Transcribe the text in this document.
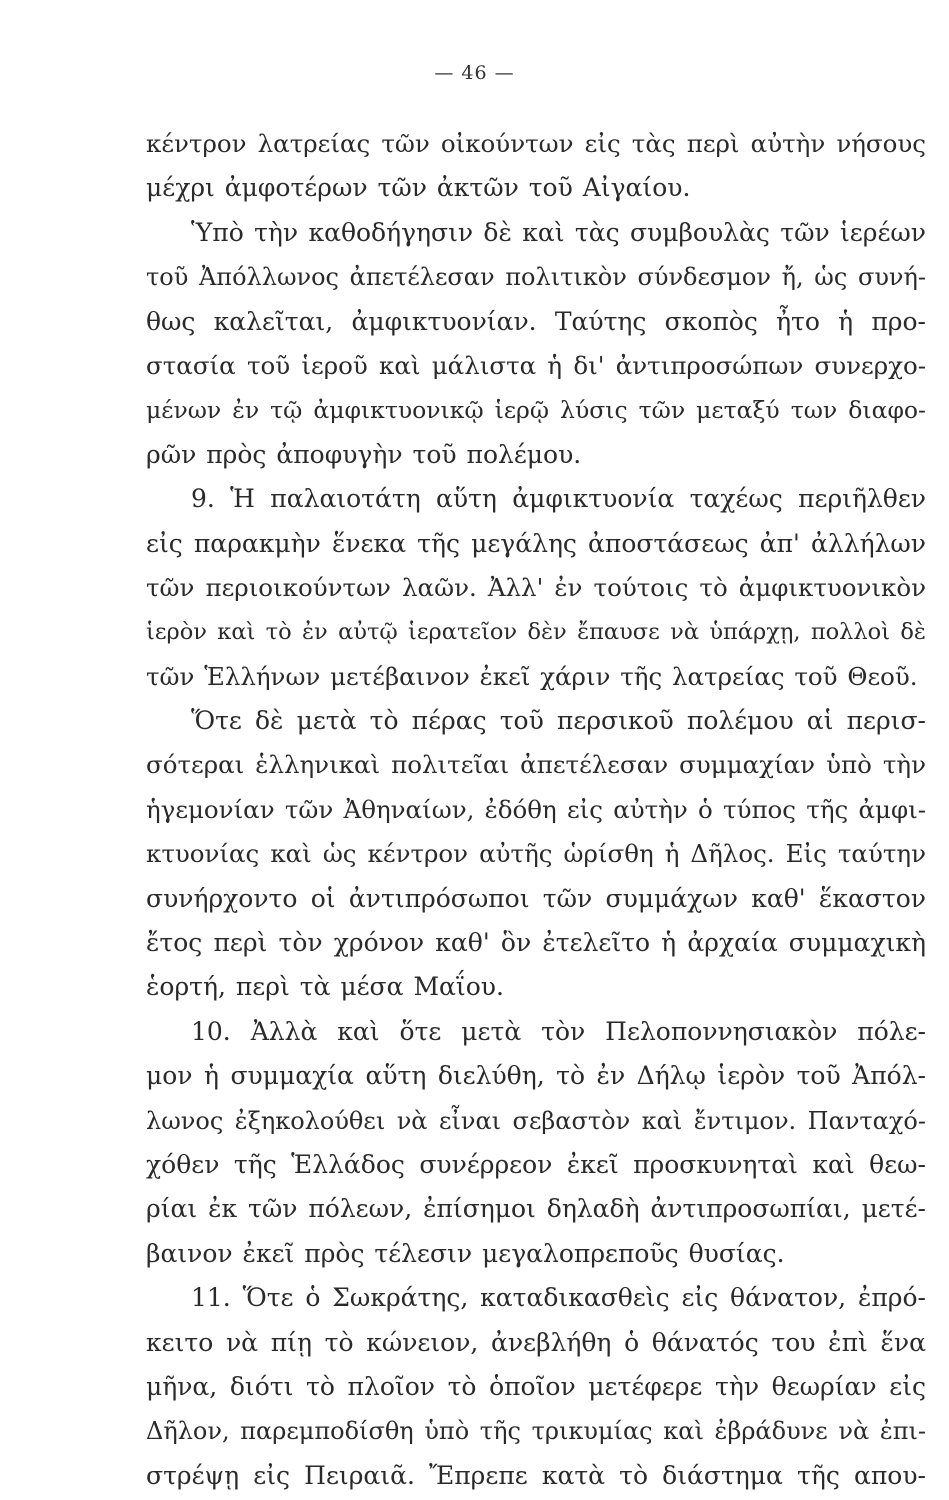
— 46 —
κέντρον λατρείας τῶν οἰκούντων εἰς τὰς περὶ αὐτὴν νήσους
μέχρι ἀμφοτέρων τῶν ἀκτῶν τοῦ Αἰγαίου.
Ὑπὸ τὴν καθοδήγησιν δὲ καὶ τὰς συμβουλὰς τῶν ἱερέων
τοῦ Ἀπόλλωνος ἀπετέλεσαν πολιτικὸν σύνδεσμον ἤ, ὡς συνή-
θως καλεῖται, ἀμφικτυονίαν. Ταύτης σκοπὸς ἦτο ἡ προ-
στασία τοῦ ἱεροῦ καὶ μάλιστα ἡ δι' ἀντιπροσώπων συνερχο-
μένων ἐν τῷ ἀμφικτυονικῷ ἱερῷ λύσις τῶν μεταξύ των διαφο-
ρῶν πρὸς ἀποφυγὴν τοῦ πολέμου.
9. Ἡ παλαιοτάτη αὕτη ἀμφικτυονία ταχέως περιῆλθεν
εἰς παρακμὴν ἕνεκα τῆς μεγάλης ἀποστάσεως ἀπ' ἀλλήλων
τῶν περιοικούντων λαῶν. Ἀλλ' ἐν τούτοις τὸ ἀμφικτυονικὸν
ἱερὸν καὶ τὸ ἐν αὐτῷ ἱερατεῖον δὲν ἔπαυσε νὰ ὑπάρχῃ, πολλοὶ δὲ
τῶν Ἑλλήνων μετέβαινον ἐκεῖ χάριν τῆς λατρείας τοῦ Θεοῦ.
Ὅτε δὲ μετὰ τὸ πέρας τοῦ περσικοῦ πολέμου αἱ περισ-
σότεραι ἑλληνικαὶ πολιτεῖαι ἀπετέλεσαν συμμαχίαν ὑπὸ τὴν
ἡγεμονίαν τῶν Ἀθηναίων, ἐδόθη εἰς αὐτὴν ὁ τύπος τῆς ἀμφι-
κτυονίας καὶ ὡς κέντρον αὐτῆς ὡρίσθη ἡ Δῆλος. Εἰς ταύτην
συνήρχοντο οἱ ἀντιπρόσωποι τῶν συμμάχων καθ' ἕκαστον
ἔτος περὶ τὸν χρόνον καθ' ὃν ἐτελεῖτο ἡ ἀρχαία συμμαχικὴ
ἑορτή, περὶ τὰ μέσα Μαΐου.
10. Ἀλλὰ καὶ ὅτε μετὰ τὸν Πελοποννησιακὸν πόλε-
μον ἡ συμμαχία αὕτη διελύθη, τὸ ἐν Δήλῳ ἱερὸν τοῦ Ἀπόλ-
λωνος ἐξηκολούθει νὰ εἶναι σεβαστὸν καὶ ἔντιμον. Πανταχό-
χόθεν τῆς Ἑλλάδος συνέρρεον ἐκεῖ προσκυνηταὶ καὶ θεω-
ρίαι ἐκ τῶν πόλεων, ἐπίσημοι δηλαδὴ ἀντιπροσωπίαι, μετέ-
βαινον ἐκεῖ πρὸς τέλεσιν μεγαλοπρεποῦς θυσίας.
11. Ὅτε ὁ Σωκράτης, καταδικασθεὶς εἰς θάνατον, ἐπρό-
κειτο νὰ πίῃ τὸ κώνειον, ἀνεβλήθη ὁ θάνατός του ἐπὶ ἕνα
μῆνα, διότι τὸ πλοῖον τὸ ὁποῖον μετέφερε τὴν θεωρίαν εἰς
Δῆλον, παρεμποδίσθη ὑπὸ τῆς τρικυμίας καὶ ἐβράδυνε νὰ ἐπι-
στρέψῃ εἰς Πειραιᾶ. Ἔπρεπε κατὰ τὸ διάστημα τῆς απου-
